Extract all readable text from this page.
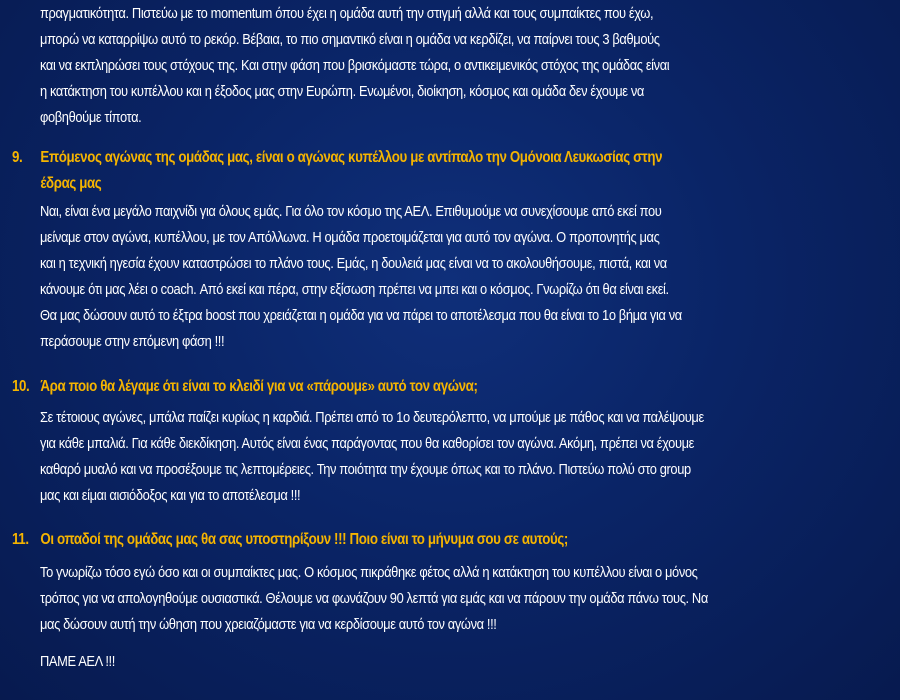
πραγματικότητα. Πιστεύω με το momentum όπου έχει η ομάδα αυτή την στιγμή αλλά και τους συμπαίκτες που έχω,
μπορώ να καταρρίψω αυτό το ρεκόρ. Βέβαια, το πιο σημαντικό είναι η ομάδα να κερδίζει, να παίρνει τους 3 βαθμούς
και να εκπληρώσει τους στόχους της. Και στην φάση που βρισκόμαστε τώρα, ο αντικειμενικός στόχος της ομάδας είναι
η κατάκτηση του κυπέλλου και η έξοδος μας στην Ευρώπη. Ενωμένοι, διοίκηση, κόσμος και ομάδα δεν έχουμε να
φοβηθούμε τίποτα.
9. Επόμενος αγώνας της ομάδας μας, είναι ο αγώνας κυπέλλου με αντίπαλο την Ομόνοια Λευκωσίας στην
έδρας μας
Ναι, είναι ένα μεγάλο παιχνίδι για όλους εμάς. Για όλο τον κόσμο της ΑΕΛ. Επιθυμούμε να συνεχίσουμε από εκεί που
μείναμε στον αγώνα, κυπέλλου, με τον Απόλλωνα. Η ομάδα προετοιμάζεται για αυτό τον αγώνα. Ο προπονητής μας
και η τεχνική ηγεσία έχουν καταστρώσει το πλάνο τους. Εμάς, η δουλειά μας είναι να το ακολουθήσουμε, πιστά, και να
κάνουμε ότι μας λέει ο coach. Από εκεί και πέρα, στην εξίσωση πρέπει να μπει και ο κόσμος. Γνωρίζω ότι θα είναι εκεί.
Θα μας δώσουν αυτό το έξτρα boost που χρειάζεται η ομάδα για να πάρει το αποτέλεσμα που θα είναι το 1ο βήμα για να
περάσουμε στην επόμενη φάση !!!
10. Άρα ποιο θα λέγαμε ότι είναι το κλειδί για να «πάρουμε» αυτό τον αγώνα;
Σε τέτοιους αγώνες, μπάλα παίζει κυρίως η καρδιά. Πρέπει από το 1ο δευτερόλεπτο, να μπούμε με πάθος και να παλέψουμε
για κάθε μπαλιά. Για κάθε διεκδίκηση. Αυτός είναι ένας παράγοντας που θα καθορίσει τον αγώνα. Ακόμη, πρέπει να έχουμε
καθαρό μυαλό και να προσέξουμε τις λεπτομέρειες. Την ποιότητα την έχουμε όπως και το πλάνο. Πιστεύω πολύ στο group
μας και είμαι αισιόδοξος και για το αποτέλεσμα !!!
11. Οι οπαδοί της ομάδας μας θα σας υποστηρίξουν !!! Ποιο είναι το μήνυμα σου σε αυτούς;
Το γνωρίζω τόσο εγώ όσο και οι συμπαίκτες μας. Ο κόσμος πικράθηκε φέτος αλλά η κατάκτηση του κυπέλλου είναι ο μόνος
τρόπος για να απολογηθούμε ουσιαστικά. Θέλουμε να φωνάζουν 90 λεπτά για εμάς και να πάρουν την ομάδα πάνω τους. Να
μας δώσουν αυτή την ώθηση που χρειαζόμαστε για να κερδίσουμε αυτό τον αγώνα !!!
ΠΑΜΕ ΑΕΛ !!!
